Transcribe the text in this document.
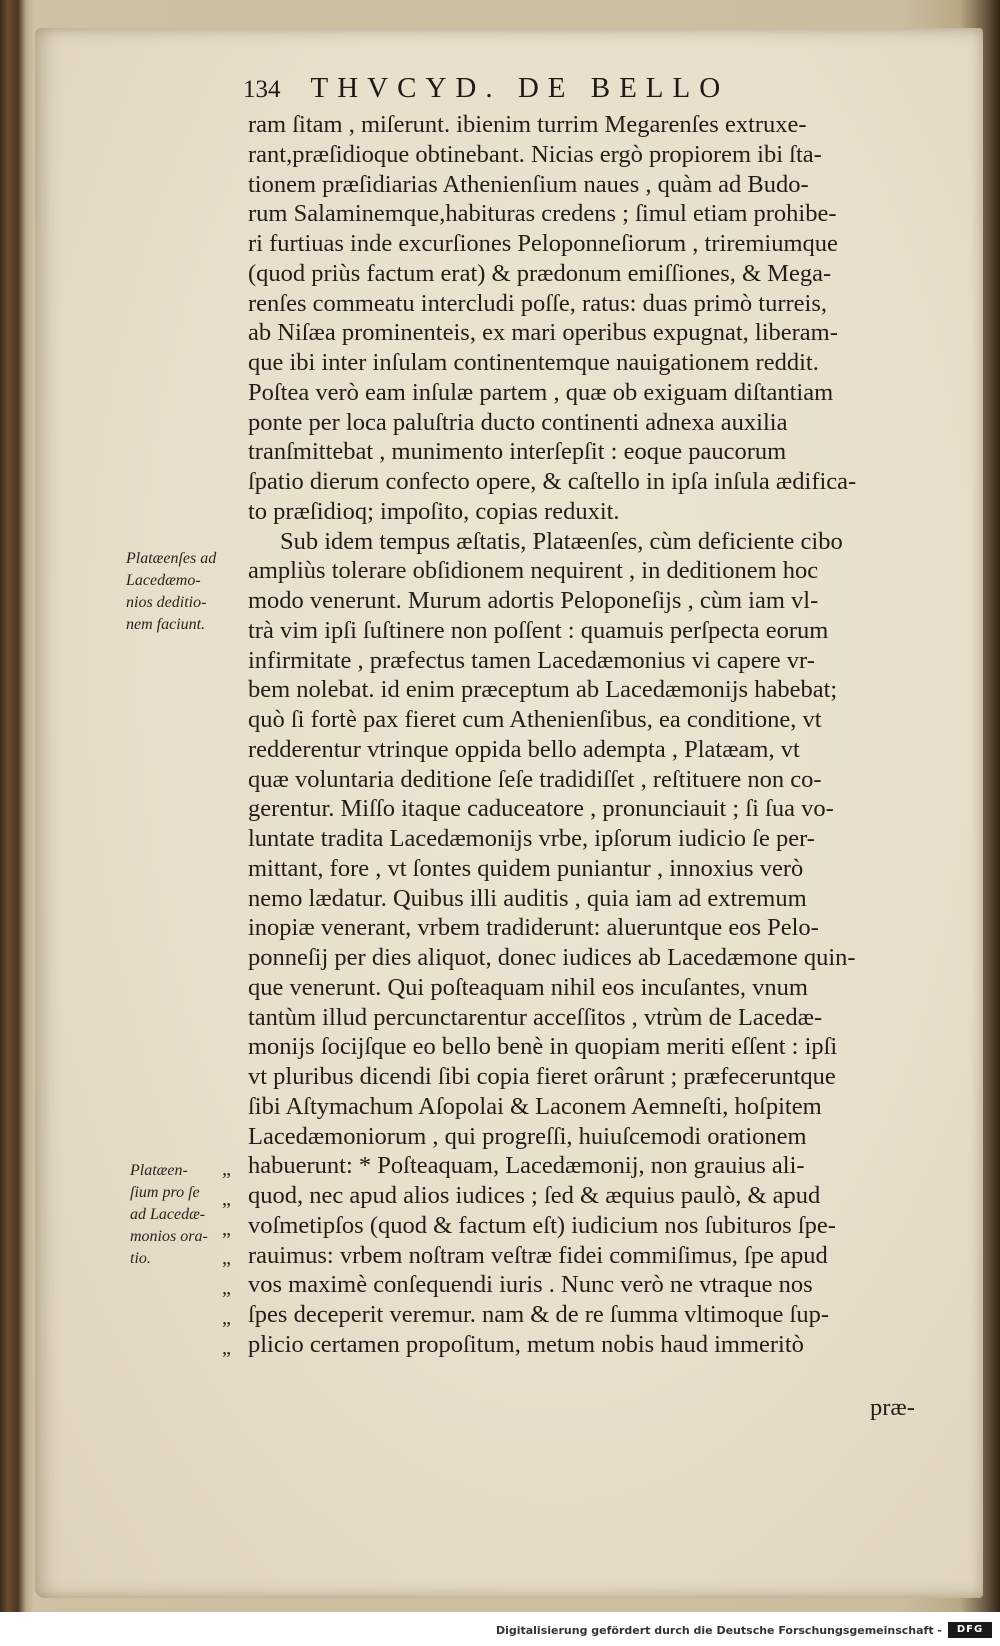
134 THVCYD. DE BELLO
ram ſitam , miſerunt. ibienim turrim Megarenſes extruxe-
rant,præſidioque obtinebant. Nicias ergò propiorem ibi ſta-
tionem præſidiarias Athenienſium naues , quàm ad Budo-
rum Salaminemque,habituras credens ; ſimul etiam prohibe-
ri furtiuas inde excurſiones Peloponneſiorum , triremiumque
(quod priùs factum erat) & prædonum emiſſiones, & Mega-
renſes commeatu intercludi poſſe, ratus: duas primò turreis,
ab Niſæa prominenteis, ex mari operibus expugnat, liberam-
que ibi inter inſulam continentemque nauigationem reddit.
Poſtea verò eam inſulæ partem , quæ ob exiguam diſtantiam
ponte per loca paluſtria ducto continenti adnexa auxilia
tranſmittebat , munimento interſepſit : eoque paucorum
ſpatio dierum confecto opere, & caſtello in ipſa inſula ædifica-
to præſidioq; impoſito, copias reduxit.
Sub idem tempus æſtatis, Platæenſes, cùm deficiente cibo
ampliùs tolerare obſidionem nequirent , in deditionem hoc
modo venerunt. Murum adortis Peloponeſijs , cùm iam vl-
trà vim ipſi ſuſtinere non poſſent : quamuis perſpecta eorum
infirmitate , præfectus tamen Lacedæmonius vi capere vr-
bem nolebat. id enim præceptum ab Lacedæmonijs habebat;
quò ſi fortè pax fieret cum Athenienſibus, ea conditione, vt
redderentur vtrinque oppida bello adempta , Platæam, vt
quæ voluntaria deditione ſeſe tradidiſſet , reſtituere non co-
gerentur. Miſſo itaque caduceatore , pronunciauit ; ſi ſua vo-
luntate tradita Lacedæmonijs vrbe, ipſorum iudicio ſe per-
mittant, fore , vt ſontes quidem puniantur , innoxius verò
nemo lædatur. Quibus illi auditis , quia iam ad extremum
inopiæ venerant, vrbem tradiderunt: alueruntque eos Pelo-
ponneſij per dies aliquot, donec iudices ab Lacedæmone quin-
que venerunt. Qui poſteaquam nihil eos incuſantes, vnum
tantùm illud percunctarentur acceſſitos , vtrùm de Lacedæ-
monijs ſocijſque eo bello benè in quopiam meriti eſſent : ipſi
vt pluribus dicendi ſibi copia fieret orârunt ; præfeceruntque
ſibi Aſtymachum Aſopolai & Laconem Aemneſti, hoſpitem
Lacedæmoniorum , qui progreſſi, huiuſcemodi orationem
habuerunt: * Poſteaquam, Lacedæmonij, non grauius ali-
quod, nec apud alios iudices ; ſed & æquius paulò, & apud
voſmetipſos (quod & factum eſt) iudicium nos ſubituros ſpe-
rauimus: vrbem noſtram veſtræ fidei commiſimus, ſpe apud
vos maximè conſequendi iuris . Nunc verò ne vtraque nos
ſpes deceperit veremur. nam & de re ſumma vltimoque ſup-
plicio certamen propoſitum, metum nobis haud immeritò
Platæenſes ad
Lacedæmo-
nios deditio-
nem faciunt.
Platæen-
ſium pro ſe
ad Lacedæ-
monios ora-
tio.
„
„
„
„
„
„
„
præ-
Digitalisierung gefördert durch die Deutsche Forschungsgemeinschaft -	DFG
